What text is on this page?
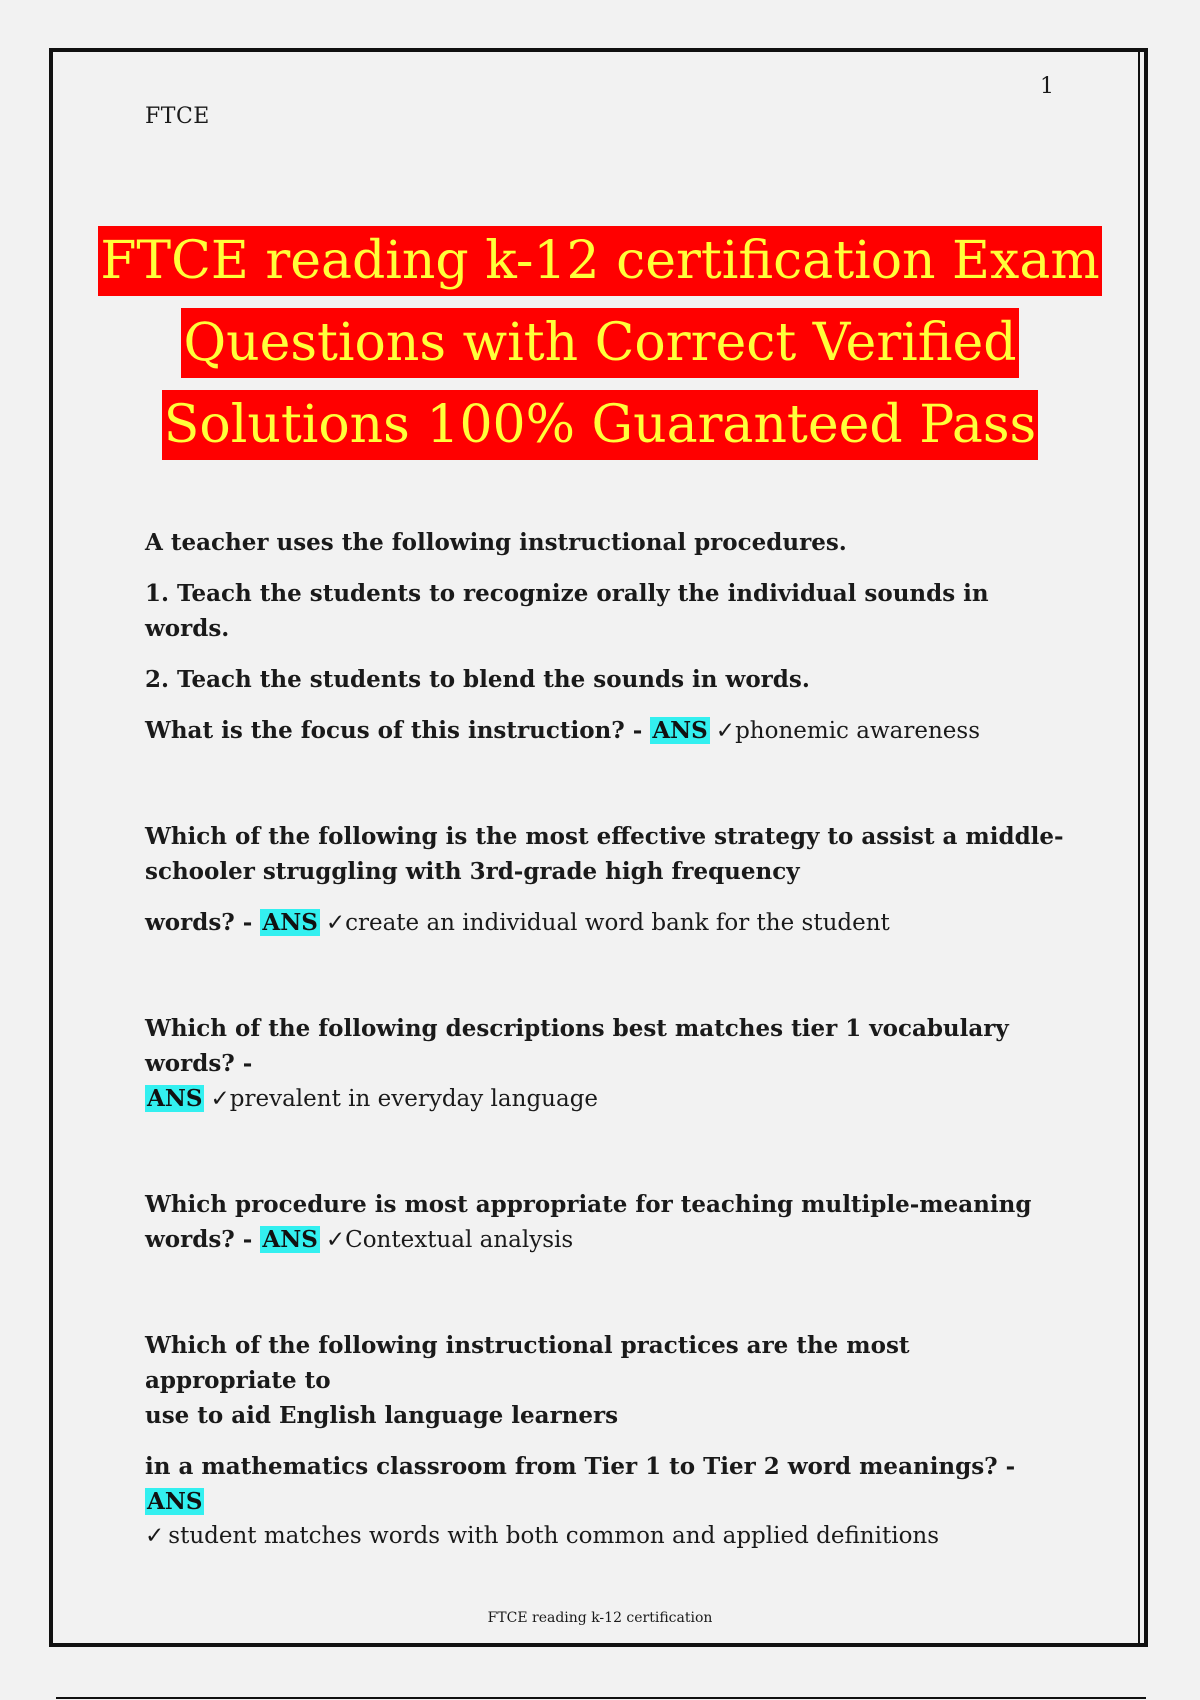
1
FTCE
FTCE reading k-12 certification Exam
Questions with Correct Verified
Solutions 100% Guaranteed Pass

A teacher uses the following instructional procedures.

1. Teach the students to recognize orally the individual sounds in words.

2. Teach the students to blend the sounds in words.

What is the focus of this instruction? - ANS ✓phonemic awareness

Which of the following is the most effective strategy to assist a middle-

schooler struggling with 3rd-grade high frequency

words? - ANS ✓create an individual word bank for the student

Which of the following descriptions best matches tier 1 vocabulary words? -

ANS ✓prevalent in everyday language

Which procedure is most appropriate for teaching multiple-meaning

words? - ANS ✓Contextual analysis

Which of the following instructional practices are the most appropriate to

use to aid English language learners

in a mathematics classroom from Tier 1 to Tier 2 word meanings? - ANS

✓ student matches words with both common and applied definitions

FTCE reading k-12 certification
